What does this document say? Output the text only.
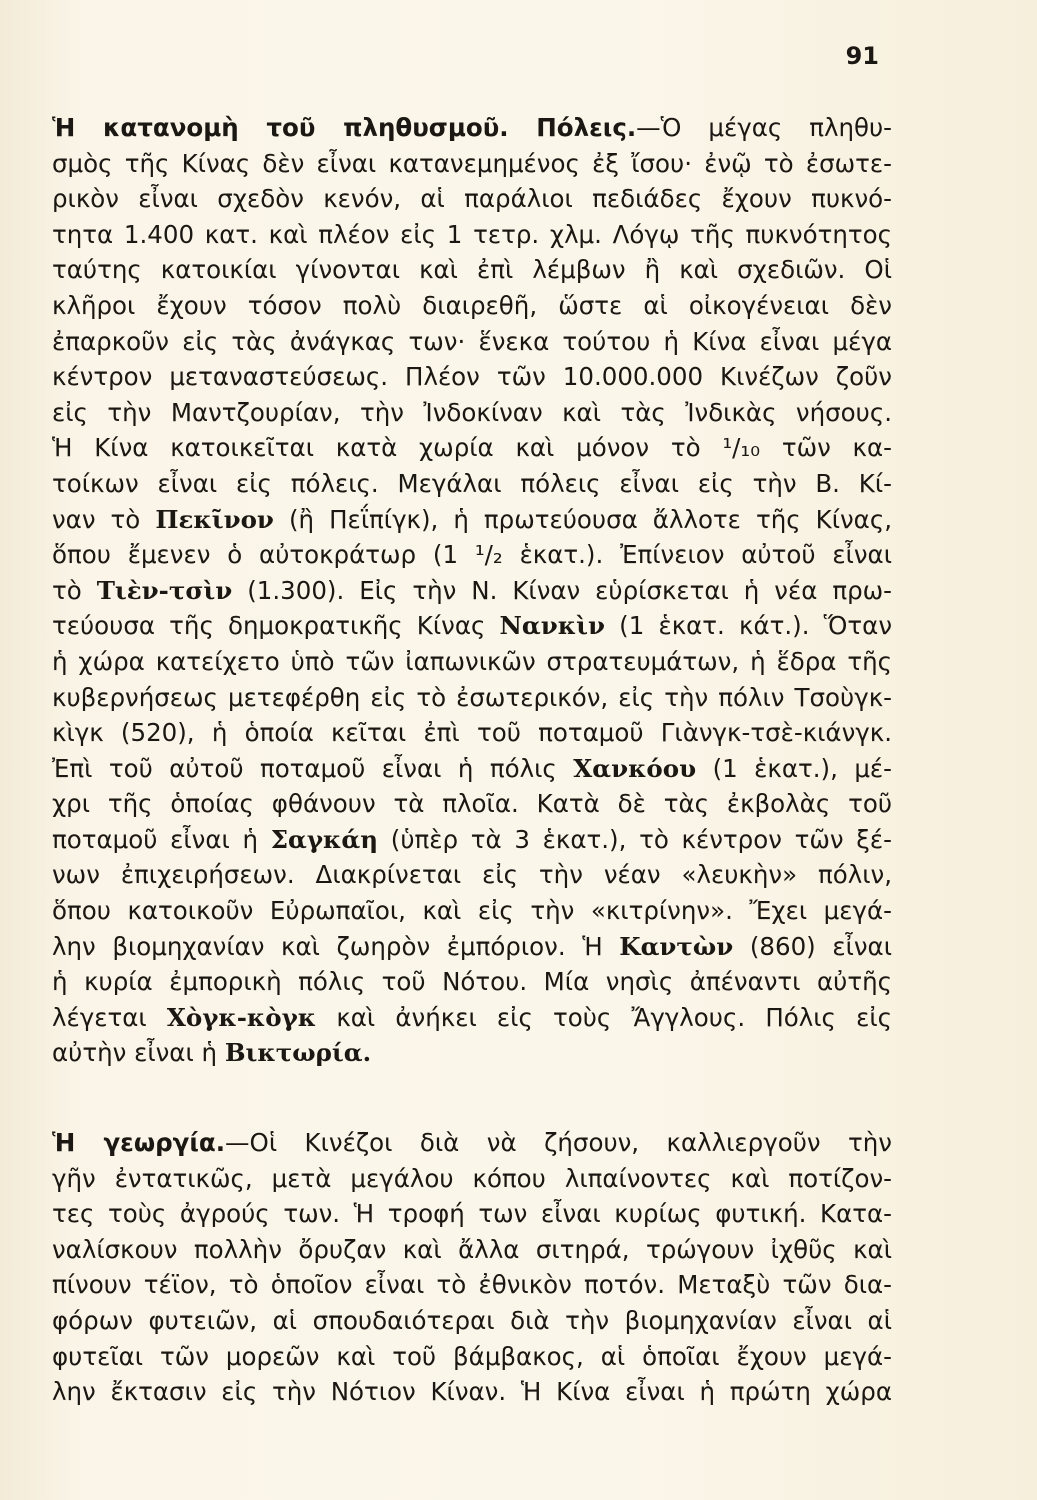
91
Ἡ κατανομὴ τοῦ πληθυσμοῦ. Πόλεις.—Ὁ μέγας πληθυ-
σμὸς τῆς Κίνας δὲν εἶναι κατανεμημένος ἐξ ἴσου· ἐνῷ τὸ ἐσωτε-
ρικὸν εἶναι σχεδὸν κενόν, αἱ παράλιοι πεδιάδες ἔχουν πυκνό-
τητα 1.400 κατ. καὶ πλέον εἰς 1 τετρ. χλμ. Λόγῳ τῆς πυκνότητος
ταύτης κατοικίαι γίνονται καὶ ἐπὶ λέμβων ἢ καὶ σχεδιῶν. Οἱ
κλῆροι ἔχουν τόσον πολὺ διαιρεθῆ, ὥστε αἱ οἰκογένειαι δὲν
ἐπαρκοῦν εἰς τὰς ἀνάγκας των· ἕνεκα τούτου ἡ Κίνα εἶναι μέγα
κέντρον μεταναστεύσεως. Πλέον τῶν 10.000.000 Κινέζων ζοῦν
εἰς τὴν Μαντζουρίαν, τὴν Ἰνδοκίναν καὶ τὰς Ἰνδικὰς νήσους.
Ἡ Κίνα κατοικεῖται κατὰ χωρία καὶ μόνον τὸ ¹/₁₀ τῶν κα-
τοίκων εἶναι εἰς πόλεις. Μεγάλαι πόλεις εἶναι εἰς τὴν Β. Κί-
ναν τὸ Πεκῖνον (ἢ Πεΐπίγκ), ἡ πρωτεύουσα ἄλλοτε τῆς Κίνας,
ὅπου ἔμενεν ὁ αὐτοκράτωρ (1 ¹/₂ ἑκατ.). Ἐπίνειον αὐτοῦ εἶναι
τὸ Τιὲν-τσὶν (1.300). Εἰς τὴν Ν. Κίναν εὑρίσκεται ἡ νέα πρω-
τεύουσα τῆς δημοκρατικῆς Κίνας Νανκὶν (1 ἑκατ. κάτ.). Ὅταν
ἡ χώρα κατείχετο ὑπὸ τῶν ἰαπωνικῶν στρατευμάτων, ἡ ἕδρα τῆς
κυβερνήσεως μετεφέρθη εἰς τὸ ἐσωτερικόν, εἰς τὴν πόλιν Τσοὺγκ-
κὶγκ (520), ἡ ὁποία κεῖται ἐπὶ τοῦ ποταμοῦ Γιὰνγκ-τσὲ-κιάνγκ.
Ἐπὶ τοῦ αὐτοῦ ποταμοῦ εἶναι ἡ πόλις Χανκόου (1 ἑκατ.), μέ-
χρι τῆς ὁποίας φθάνουν τὰ πλοῖα. Κατὰ δὲ τὰς ἐκβολὰς τοῦ
ποταμοῦ εἶναι ἡ Σαγκάη (ὑπὲρ τὰ 3 ἑκατ.), τὸ κέντρον τῶν ξέ-
νων ἐπιχειρήσεων. Διακρίνεται εἰς τὴν νέαν «λευκὴν» πόλιν,
ὅπου κατοικοῦν Εὐρωπαῖοι, καὶ εἰς τὴν «κιτρίνην». Ἔχει μεγά-
λην βιομηχανίαν καὶ ζωηρὸν ἐμπόριον. Ἡ Καντὼν (860) εἶναι
ἡ κυρία ἐμπορικὴ πόλις τοῦ Νότου. Μία νησὶς ἀπέναντι αὐτῆς
λέγεται Χὸγκ-κὸγκ καὶ ἀνήκει εἰς τοὺς Ἄγγλους. Πόλις εἰς
αὐτὴν εἶναι ἡ Βικτωρία.
Ἡ γεωργία.—Οἱ Κινέζοι διὰ νὰ ζήσουν, καλλιεργοῦν τὴν
γῆν ἐντατικῶς, μετὰ μεγάλου κόπου λιπαίνοντες καὶ ποτίζον-
τες τοὺς ἀγρούς των. Ἡ τροφή των εἶναι κυρίως φυτική. Κατα-
ναλίσκουν πολλὴν ὄρυζαν καὶ ἄλλα σιτηρά, τρώγουν ἰχθῦς καὶ
πίνουν τέϊον, τὸ ὁποῖον εἶναι τὸ ἐθνικὸν ποτόν. Μεταξὺ τῶν δια-
φόρων φυτειῶν, αἱ σπουδαιότεραι διὰ τὴν βιομηχανίαν εἶναι αἱ
φυτεῖαι τῶν μορεῶν καὶ τοῦ βάμβακος, αἱ ὁποῖαι ἔχουν μεγά-
λην ἔκτασιν εἰς τὴν Νότιον Κίναν. Ἡ Κίνα εἶναι ἡ πρώτη χώρα
